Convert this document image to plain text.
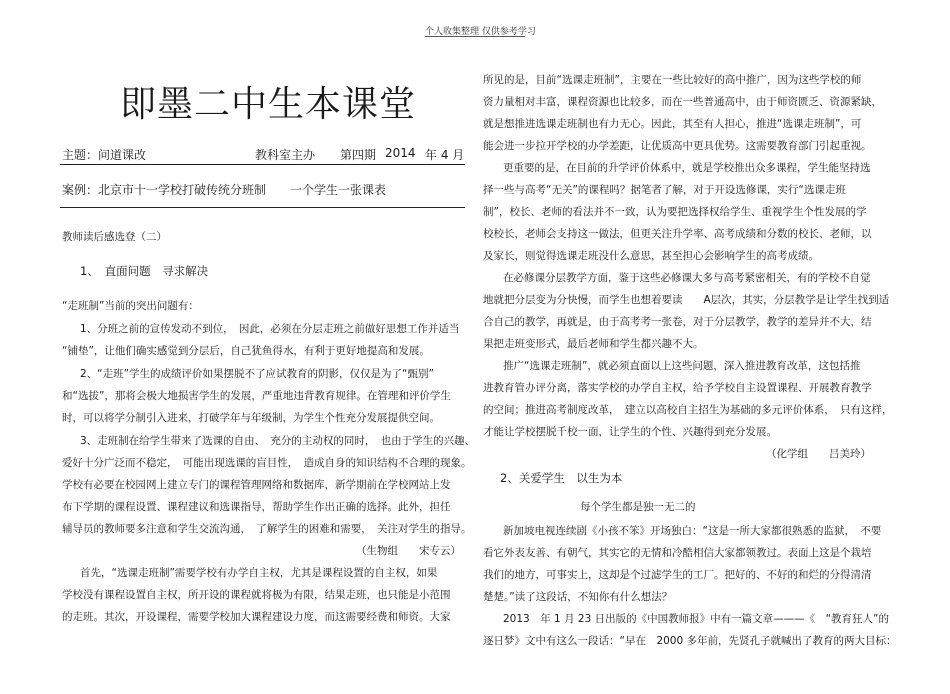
个人收集整理 仅供参考学习
即墨二中生本课堂
主题：问道课改	教科室主办 第四期 2014 年 4 月
案例：北京市十一学校打破传统分班制 一个学生一张课表
教师读后感选登（二）
1、　直面问题　寻求解决
“走班制”当前的突出问题有：
1、分班之前的宣传发动不到位，　因此，必须在分层走班之前做好思想工作并适当
“铺垫”，让他们确实感觉到分层后，自己犹鱼得水，有利于更好地提高和发展。
2、“走班”学生的成绩评价如果摆脱不了应试教育的阴影，仅仅是为了“甄别”
和“选拔”，那将会极大地损害学生的发展，严重地违背教育规律。在管理和评价学生
时，可以将学分制引入进来，打破学年与年级制，为学生个性充分发展提供空间。
3、走班制在给学生带来了选课的自由、　充分的主动权的同时，　也由于学生的兴趣、
爱好十分广泛而不稳定，　可能出现选课的盲目性，　造成自身的知识结构不合理的现象。
学校有必要在校园网上建立专门的课程管理网络和数据库，新学期前在学校网站上发
布下学期的课程设置、课程建议和选课指导，帮助学生作出正确的选择。此外，担任
辅导员的教师要多注意和学生交流沟通，　了解学生的困难和需要，　关注对学生的指导。
（生物组　　宋专云）
首先，“选课走班制”需要学校有办学自主权，尤其是课程设置的自主权，如果
学校没有课程设置自主权，所开设的课程就将极为有限，结果走班，也只能是小范围
的走班。其次，开设课程，需要学校加大课程建设力度，而这需要经费和师资。大家
所见的是，目前“选课走班制”，主要在一些比较好的高中推广，因为这些学校的师
资力量相对丰富，课程资源也比较多，而在一些普通高中，由于师资匮乏、资源紧缺，
就是想推进选课走班制也有力无心。因此，其至有人担心，推进“选课走班制”，可
能会进一步拉开学校的办学差距，让优质高中更具优势。这需要教育部门引起重视。
更重要的是，在目前的升学评价体系中，就是学校推出众多课程，学生能坚持选
择一些与高考“无关”的课程吗？据笔者了解，对于开设选修课，实行“选课走班
制”，校长、老师的看法并不一致，认为要把选择权给学生、重视学生个性发展的学
校校长，老师会支持这一做法，但更关注升学率、高考成绩和分数的校长、老师，以
及家长，则觉得选课走班没什么意思，甚至担心会影响学生的高考成绩。
在必修课分层教学方面，鉴于这些必修课大多与高考紧密相关，有的学校不自觉
地就把分层变为分快慢，而学生也想着要读　　A层次，其实，分层教学是让学生找到适
合自己的教学，再就是，由于高考考一张卷，对于分层教学，教学的差异并不大，结
果把走班变形式，最后老师和学生都兴趣不大。
推广“选课走班制”，就必须直面以上这些问题，深入推进教育改革，这包括推
进教育管办评分离，落实学校的办学自主权，给予学校自主设置课程、开展教育教学
的空间；推进高考制度改革，　建立以高校自主招生为基础的多元评价体系，　只有这样，
才能让学校摆脱千校一面，让学生的个性、兴趣得到充分发展。
（化学组　　吕美玲）
2、关爱学生　以生为本
每个学生都是独一无二的
新加坡电视连续剧《小孩不笨》开场独白：“这是一所大家都很熟悉的监狱，　不要
看它外表友善、有朝气，其实它的无情和冷酷相信大家都领教过。表面上这是个栽培
我们的地方，可事实上，这却是个过滤学生的工厂。把好的、不好的和烂的分得清清
楚楚。”读了这段话，不知你有什么想法？
2013　年 1 月 23 日出版的《中国教师报》中有一篇文章———《　“教育狂人”的
逐日梦》文中有这么一段话：“早在　2000 多年前，先贤孔子就喊出了教育的两大目标：
